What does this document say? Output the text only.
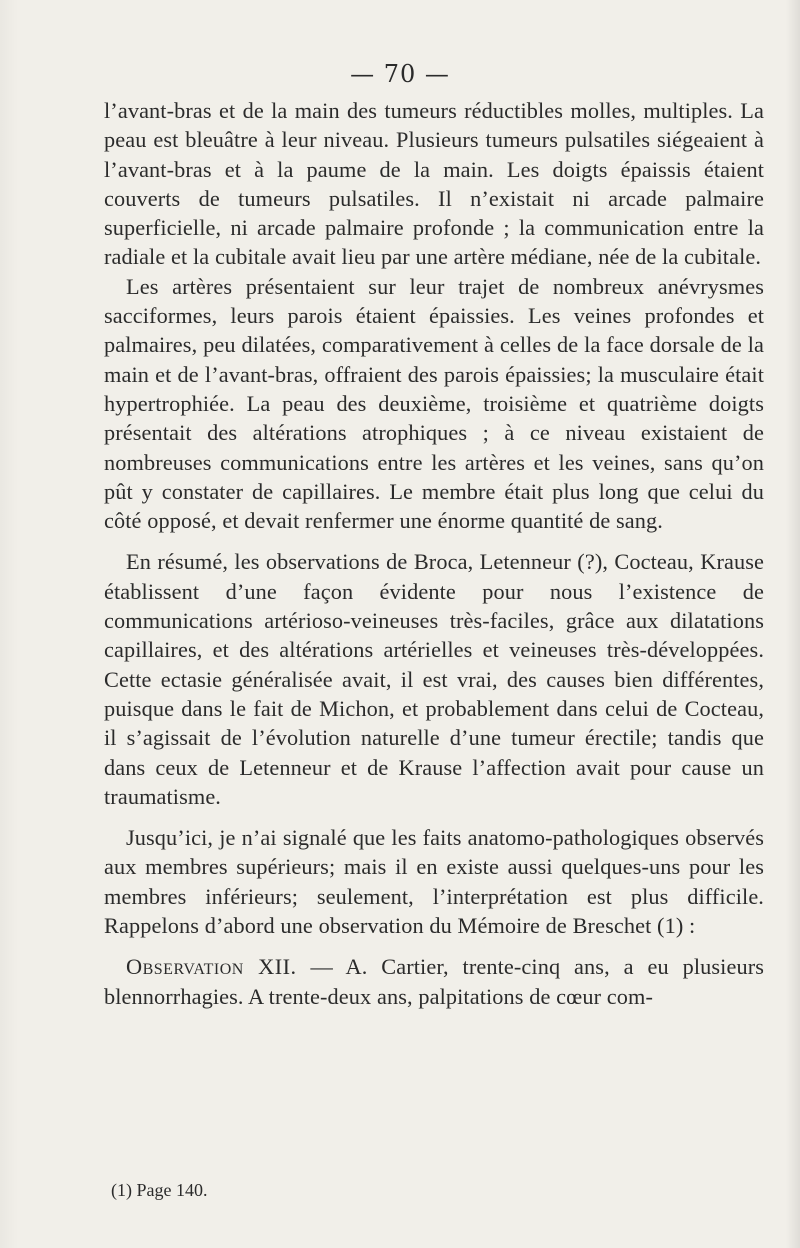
— 70 —

l’avant-bras et de la main des tumeurs réductibles molles, multiples. La peau est bleuâtre à leur niveau. Plusieurs tumeurs pulsatiles siégeaient à l’avant-bras et à la paume de la main. Les doigts épaissis étaient couverts de tumeurs pulsatiles. Il n’existait ni arcade palmaire superficielle, ni arcade palmaire profonde ; la communication entre la radiale et la cubitale avait lieu par une artère médiane, née de la cubitale.

Les artères présentaient sur leur trajet de nombreux anévrysmes sacciformes, leurs parois étaient épaissies. Les veines profondes et palmaires, peu dilatées, comparativement à celles de la face dorsale de la main et de l’avant-bras, offraient des parois épaissies; la musculaire était hypertrophiée. La peau des deuxième, troisième et quatrième doigts présentait des altérations atrophiques ; à ce niveau existaient de nombreuses communications entre les artères et les veines, sans qu’on pût y constater de capillaires. Le membre était plus long que celui du côté opposé, et devait renfermer une énorme quantité de sang.

En résumé, les observations de Broca, Letenneur (?), Cocteau, Krause établissent d’une façon évidente pour nous l’existence de communications artérioso-veineuses très-faciles, grâce aux dilatations capillaires, et des altérations artérielles et veineuses très-développées. Cette ectasie généralisée avait, il est vrai, des causes bien différentes, puisque dans le fait de Michon, et probablement dans celui de Cocteau, il s’agissait de l’évolution naturelle d’une tumeur érectile; tandis que dans ceux de Letenneur et de Krause l’affection avait pour cause un traumatisme.

Jusqu’ici, je n’ai signalé que les faits anatomo-pathologiques observés aux membres supérieurs; mais il en existe aussi quelques-uns pour les membres inférieurs; seulement, l’interprétation est plus difficile. Rappelons d’abord une observation du Mémoire de Breschet (1) :

Observation XII. — A. Cartier, trente-cinq ans, a eu plusieurs blennorrhagies. A trente-deux ans, palpitations de cœur com-

(1) Page 140.
